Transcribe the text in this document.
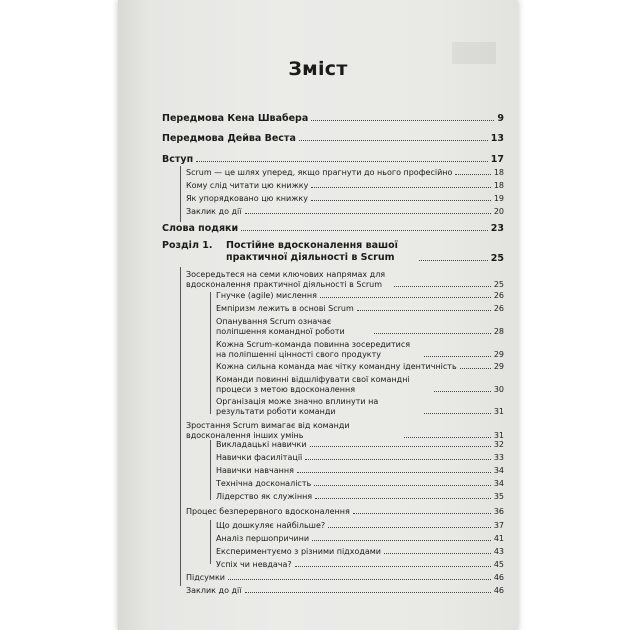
Зміст
Передмова Кена Швабера	9
Передмова Дейва Веста	13
Вступ	17
Scrum — це шлях уперед, якщо прагнути до нього професійно	18
Кому слід читати цю книжку	18
Як упорядковано цю книжку	19
Заклик до дії	20
Слова подяки	23
Розділ 1. Постійне вдосконалення вашої практичної діяльності в Scrum	25
Зосередьтеся на семи ключових напрямах для вдосконалення практичної діяльності в Scrum	25
Гнучке (agile) мислення	26
Емпіризм лежить в основі Scrum	26
Опанування Scrum означає поліпшення командної роботи	28
Кожна Scrum-команда повинна зосередитися на поліпшенні цінності свого продукту	29
Кожна сильна команда має чітку командну ідентичність	29
Команди повинні відшліфувати свої командні процеси з метою вдосконалення	30
Організація може значно вплинути на результати роботи команди	31
Зростання Scrum вимагає від команди вдосконалення інших умінь	31
Викладацькі навички	32
Навички фасилітації	33
Навички навчання	34
Технічна досконалість	34
Лідерство як служіння	35
Процес безперервного вдосконалення	36
Що дошкуляє найбільше?	37
Аналіз першопричини	41
Експериментуємо з різними підходами	43
Успіх чи невдача?	45
Підсумки	46
Заклик до дії	46
